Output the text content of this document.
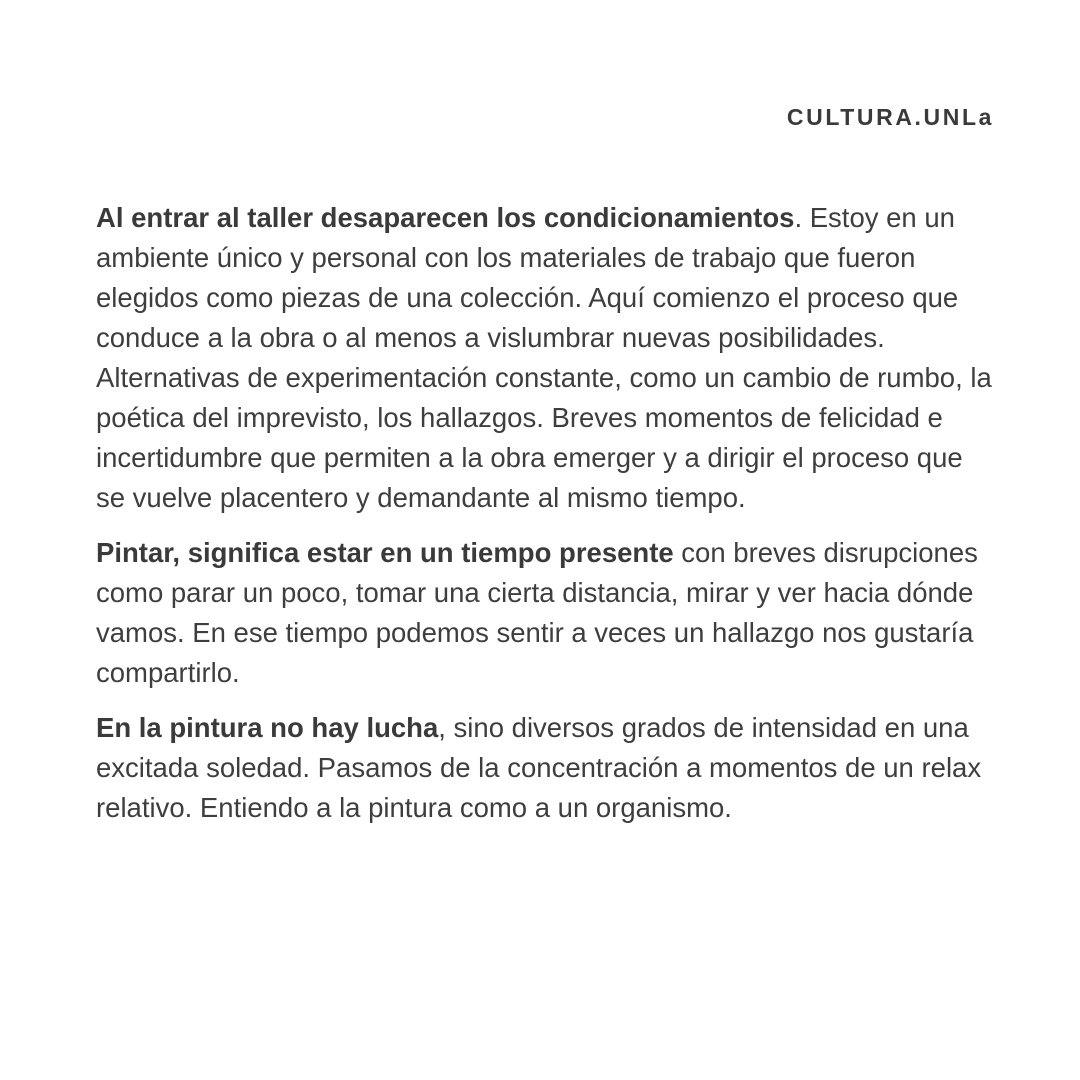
CULTURA.UNLa

Al entrar al taller desaparecen los condicionamientos. Estoy en un ambiente único y personal con los materiales de trabajo que fueron elegidos como piezas de una colección. Aquí comienzo el proceso que conduce a la obra o al menos a vislumbrar nuevas posibilidades. Alternativas de experimentación constante, como un cambio de rumbo, la poética del imprevisto, los hallazgos. Breves momentos de felicidad e incertidumbre que permiten a la obra emerger y a dirigir el proceso que se vuelve placentero y demandante al mismo tiempo.

Pintar, significa estar en un tiempo presente con breves disrupciones como parar un poco, tomar una cierta distancia, mirar y ver hacia dónde vamos. En ese tiempo podemos sentir a veces un hallazgo nos gustaría compartirlo.

En la pintura no hay lucha, sino diversos grados de intensidad en una excitada soledad. Pasamos de la concentración a momentos de un relax relativo. Entiendo a la pintura como a un organismo.
